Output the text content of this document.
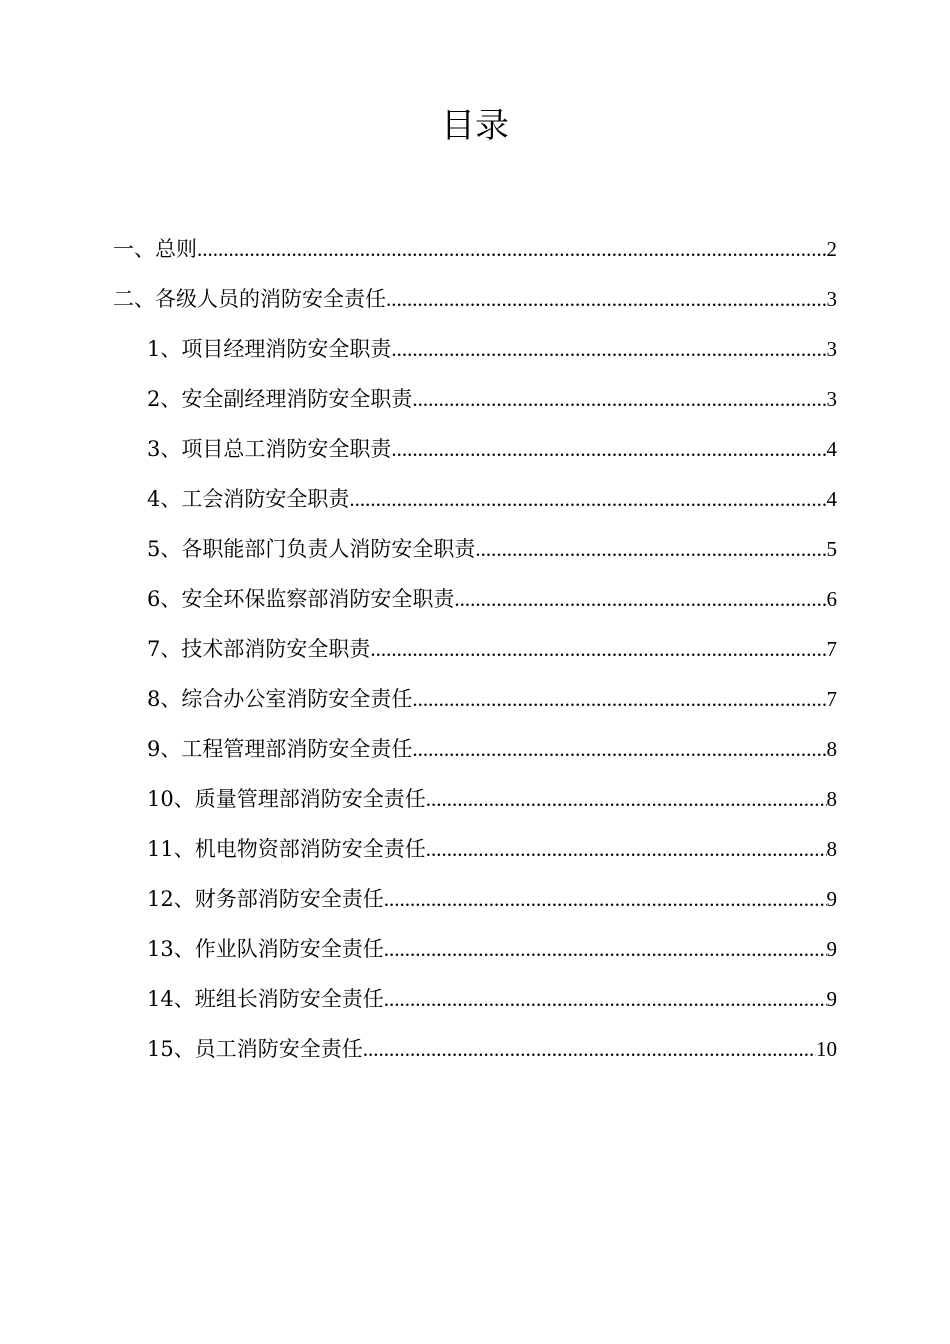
目录
一、总则 .....	2
二、各级人员的消防安全责任 .....	3
1、项目经理消防安全职责 .....	3
2、安全副经理消防安全职责 .....	3
3、项目总工消防安全职责 .....	4
4、工会消防安全职责 .....	4
5、各职能部门负责人消防安全职责 .....	5
6、安全环保监察部消防安全职责 .....	6
7、技术部消防安全职责 .....	7
8、综合办公室消防安全责任 .....	7
9、工程管理部消防安全责任 .....	8
10、质量管理部消防安全责任 .....	8
11、机电物资部消防安全责任 .....	8
12、财务部消防安全责任 .....	9
13、作业队消防安全责任 .....	9
14、班组长消防安全责任 .....	9
15、员工消防安全责任 .....	10
